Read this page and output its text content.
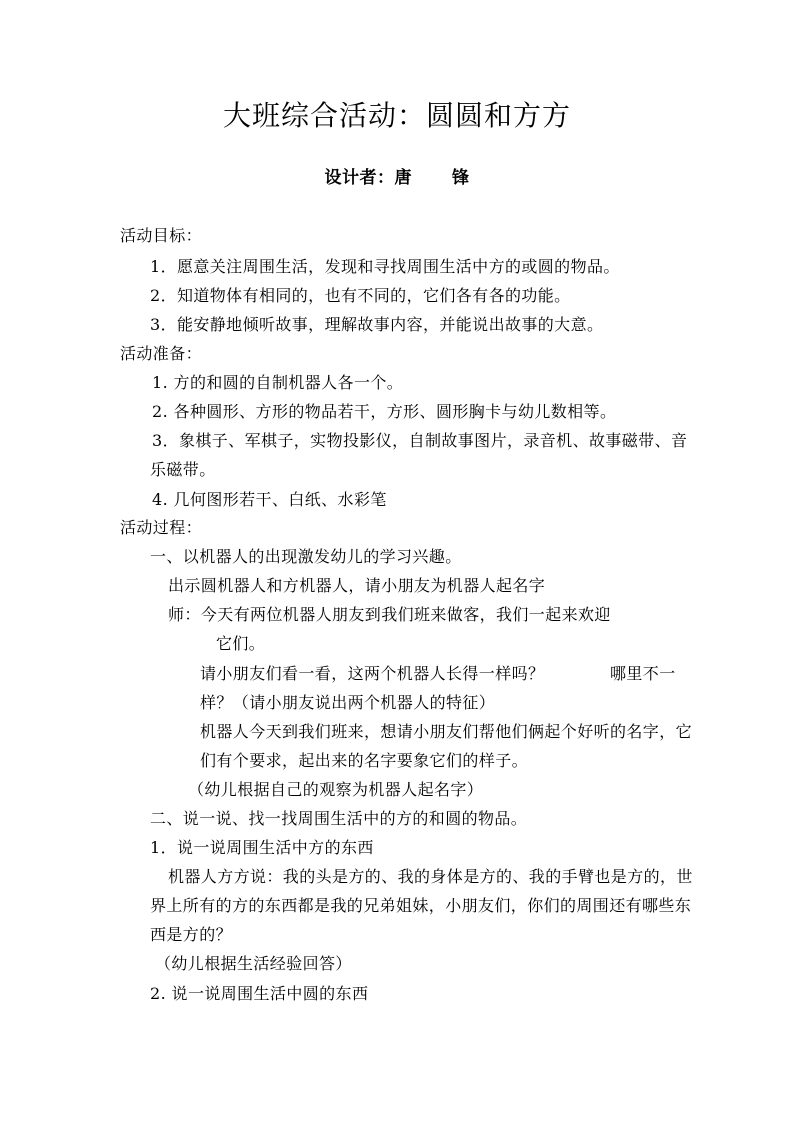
大班综合活动：圆圆和方方
设计者：唐 锋
活动目标：
1．愿意关注周围生活，发现和寻找周围生活中方的或圆的物品。
2．知道物体有相同的，也有不同的，它们各有各的功能。
3．能安静地倾听故事，理解故事内容，并能说出故事的大意。
活动准备：
1. 方的和圆的自制机器人各一个。
2. 各种圆形、方形的物品若干，方形、圆形胸卡与幼儿数相等。
3．象棋子、军棋子，实物投影仪，自制故事图片，录音机、故事磁带、音
乐磁带。
4. 几何图形若干、白纸、水彩笔
活动过程：
一、以机器人的出现激发幼儿的学习兴趣。
出示圆机器人和方机器人，请小朋友为机器人起名字
师：今天有两位机器人朋友到我们班来做客，我们一起来欢迎
它们。
请小朋友们看一看，这两个机器人长得一样吗？	哪里不一
样？（请小朋友说出两个机器人的特征）
机器人今天到我们班来，想请小朋友们帮他们俩起个好听的名字，它
们有个要求，起出来的名字要象它们的样子。
（幼儿根据自己的观察为机器人起名字）
二、说一说、找一找周围生活中的方的和圆的物品。
1．说一说周围生活中方的东西
机器人方方说：我的头是方的、我的身体是方的、我的手臂也是方的，世
界上所有的方的东西都是我的兄弟姐妹，小朋友们，你们的周围还有哪些东
西是方的？
（幼儿根据生活经验回答）
2. 说一说周围生活中圆的东西
